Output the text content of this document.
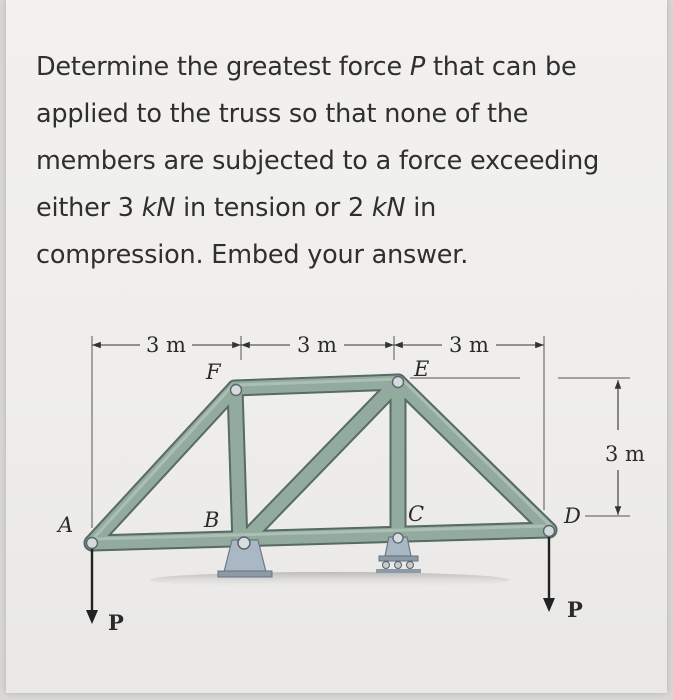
Determine the greatest force P that can be
applied to the truss so that none of the
members are subjected to a force exceeding
either 3 kN in tension or 2 kN in
compression. Embed your answer.
3 m	3 m	3 m
3 m
P
P
A	B	C	D
E
F
